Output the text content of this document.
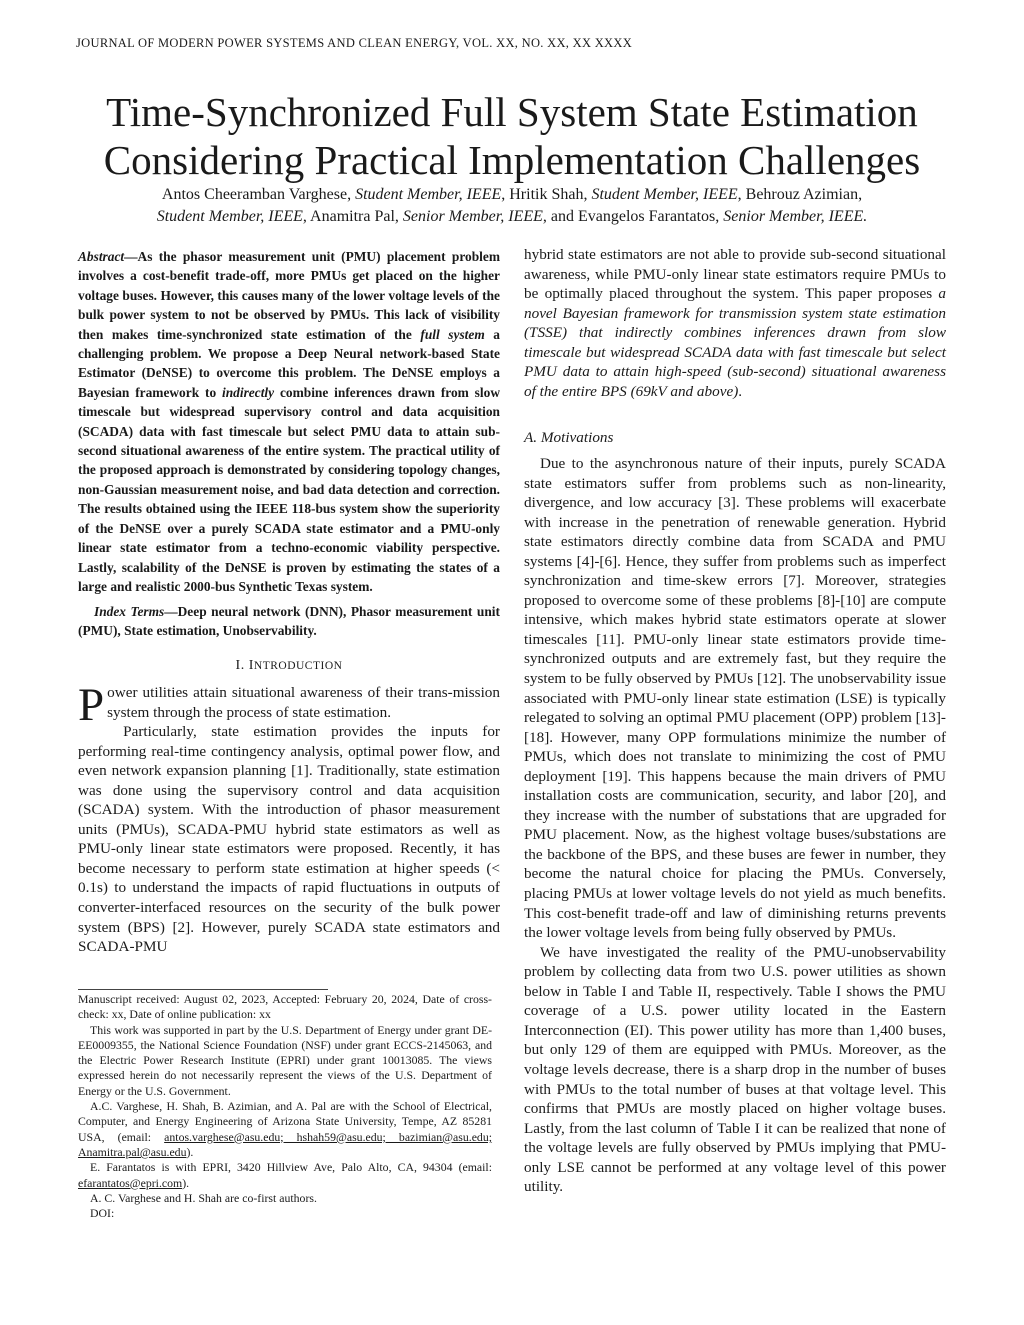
JOURNAL OF MODERN POWER SYSTEMS AND CLEAN ENERGY, VOL. XX, NO. XX, XX XXXX
Time-Synchronized Full System State Estimation
Considering Practical Implementation Challenges
Antos Cheeramban Varghese, Student Member, IEEE, Hritik Shah, Student Member, IEEE, Behrouz Azimian,
Student Member, IEEE, Anamitra Pal, Senior Member, IEEE, and Evangelos Farantatos, Senior Member, IEEE.
Abstract—As the phasor measurement unit (PMU) placement problem involves a cost-benefit trade-off, more PMUs get placed on the higher voltage buses. However, this causes many of the lower voltage levels of the bulk power system to not be observed by PMUs. This lack of visibility then makes time-synchronized state estimation of the full system a challenging problem. We propose a Deep Neural network-based State Estimator (DeNSE) to overcome this problem. The DeNSE employs a Bayesian framework to indirectly combine inferences drawn from slow timescale but widespread supervisory control and data acquisition (SCADA) data with fast timescale but select PMU data to attain sub-second situational awareness of the entire system. The practical utility of the proposed approach is demonstrated by considering topology changes, non-Gaussian measurement noise, and bad data detection and correction. The results obtained using the IEEE 118-bus system show the superiority of the DeNSE over a purely SCADA state estimator and a PMU-only linear state estimator from a techno-economic viability perspective. Lastly, scalability of the DeNSE is proven by estimating the states of a large and realistic 2000-bus Synthetic Texas system.
Index Terms—Deep neural network (DNN), Phasor measurement unit (PMU), State estimation, Unobservability.
I. INTRODUCTION
Power utilities attain situational awareness of their trans-mission system through the process of state estimation.
Particularly, state estimation provides the inputs for performing real-time contingency analysis, optimal power flow, and even network expansion planning [1]. Traditionally, state estimation was done using the supervisory control and data acquisition (SCADA) system. With the introduction of phasor measurement units (PMUs), SCADA-PMU hybrid state estimators as well as PMU-only linear state estimators were proposed. Recently, it has become necessary to perform state estimation at higher speeds (< 0.1s) to understand the impacts of rapid fluctuations in outputs of converter-interfaced resources on the security of the bulk power system (BPS) [2]. However, purely SCADA state estimators and SCADA-PMU
hybrid state estimators are not able to provide sub-second situational awareness, while PMU-only linear state estimators require PMUs to be optimally placed throughout the system. This paper proposes a novel Bayesian framework for transmission system state estimation (TSSE) that indirectly combines inferences drawn from slow timescale but widespread SCADA data with fast timescale but select PMU data to attain high-speed (sub-second) situational awareness of the entire BPS (69kV and above).
A. Motivations

Due to the asynchronous nature of their inputs, purely SCADA state estimators suffer from problems such as non-linearity, divergence, and low accuracy [3]. These problems will exacerbate with increase in the penetration of renewable generation. Hybrid state estimators directly combine data from SCADA and PMU systems [4]-[6]. Hence, they suffer from problems such as imperfect synchronization and time-skew errors [7]. Moreover, strategies proposed to overcome some of these problems [8]-[10] are compute intensive, which makes hybrid state estimators operate at slower timescales [11]. PMU-only linear state estimators provide time-synchronized outputs and are extremely fast, but they require the system to be fully observed by PMUs [12]. The unobservability issue associated with PMU-only linear state estimation (LSE) is typically relegated to solving an optimal PMU placement (OPP) problem [13]-[18]. However, many OPP formulations minimize the number of PMUs, which does not translate to minimizing the cost of PMU deployment [19]. This happens because the main drivers of PMU installation costs are communication, security, and labor [20], and they increase with the number of substations that are upgraded for PMU placement. Now, as the highest voltage buses/substations are the backbone of the BPS, and these buses are fewer in number, they become the natural choice for placing the PMUs. Conversely, placing PMUs at lower voltage levels do not yield as much benefits. This cost-benefit trade-off and law of diminishing returns prevents the lower voltage levels from being fully observed by PMUs.

We have investigated the reality of the PMU-unobservability problem by collecting data from two U.S. power utilities as shown below in Table I and Table II, respectively. Table I shows the PMU coverage of a U.S. power utility located in the Eastern Interconnection (EI). This power utility has more than 1,400 buses, but only 129 of them are equipped with PMUs. Moreover, as the voltage levels decrease, there is a sharp drop in the number of buses with PMUs to the total number of buses at that voltage level. This confirms that PMUs are mostly placed on higher voltage buses. Lastly, from the last column of Table I it can be realized that none of the voltage levels are fully observed by PMUs implying that PMU-only LSE cannot be performed at any voltage level of this power utility.

Manuscript received: August 02, 2023, Accepted: February 20, 2024, Date of cross-check: xx, Date of online publication: xx

This work was supported in part by the U.S. Department of Energy under grant DE-EE0009355, the National Science Foundation (NSF) under grant ECCS-2145063, and the Electric Power Research Institute (EPRI) under grant 10013085. The views expressed herein do not necessarily represent the views of the U.S. Department of Energy or the U.S. Government.

A.C. Varghese, H. Shah, B. Azimian, and A. Pal are with the School of Electrical, Computer, and Energy Engineering of Arizona State University, Tempe, AZ 85281 USA, (email: antos.varghese@asu.edu; hshah59@asu.edu; bazimian@asu.edu; Anamitra.pal@asu.edu).

E. Farantatos is with EPRI, 3420 Hillview Ave, Palo Alto, CA, 94304 (email: efarantatos@epri.com).

A. C. Varghese and H. Shah are co-first authors.

DOI:
